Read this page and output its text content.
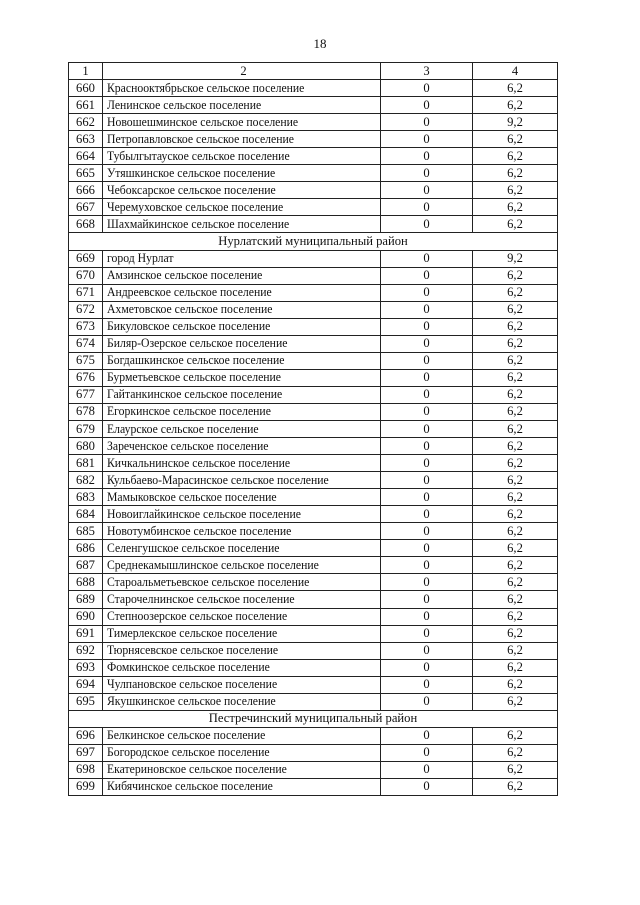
18
1	2	3	4
660	Краснооктябрьское сельское поселение	0	6,2
661	Ленинское сельское поселение	0	6,2
662	Новошешминское сельское поселение	0	9,2
663	Петропавловское сельское поселение	0	6,2
664	Тубылгытауское сельское поселение	0	6,2
665	Утяшкинское сельское поселение	0	6,2
666	Чебоксарское сельское поселение	0	6,2
667	Черемуховское сельское поселение	0	6,2
668	Шахмайкинское сельское поселение	0	6,2
Нурлатский муниципальный район			
669	город Нурлат	0	9,2
670	Амзинское сельское поселение	0	6,2
671	Андреевское сельское поселение	0	6,2
672	Ахметовское сельское поселение	0	6,2
673	Бикуловское сельское поселение	0	6,2
674	Биляр-Озерское сельское поселение	0	6,2
675	Богдашкинское сельское поселение	0	6,2
676	Бурметьевское сельское поселение	0	6,2
677	Гайтанкинское сельское поселение	0	6,2
678	Егоркинское сельское поселение	0	6,2
679	Елаурское сельское поселение	0	6,2
680	Зареченское сельское поселение	0	6,2
681	Кичкальнинское сельское поселение	0	6,2
682	Кульбаево-Марасинское сельское поселение	0	6,2
683	Мамыковское сельское поселение	0	6,2
684	Новоиглайкинское сельское поселение	0	6,2
685	Новотумбинское сельское поселение	0	6,2
686	Селенгушское сельское поселение	0	6,2
687	Среднекамышлинское сельское поселение	0	6,2
688	Староальметьевское сельское поселение	0	6,2
689	Старочелнинское сельское поселение	0	6,2
690	Степноозерское сельское поселение	0	6,2
691	Тимерлекское сельское поселение	0	6,2
692	Тюрнясевское сельское поселение	0	6,2
693	Фомкинское сельское поселение	0	6,2
694	Чулпановское сельское поселение	0	6,2
695	Якушкинское сельское поселение	0	6,2
Пестречинский муниципальный район			
696	Белкинское сельское поселение	0	6,2
697	Богородское сельское поселение	0	6,2
698	Екатериновское сельское поселение	0	6,2
699	Кибячинское сельское поселение	0	6,2
